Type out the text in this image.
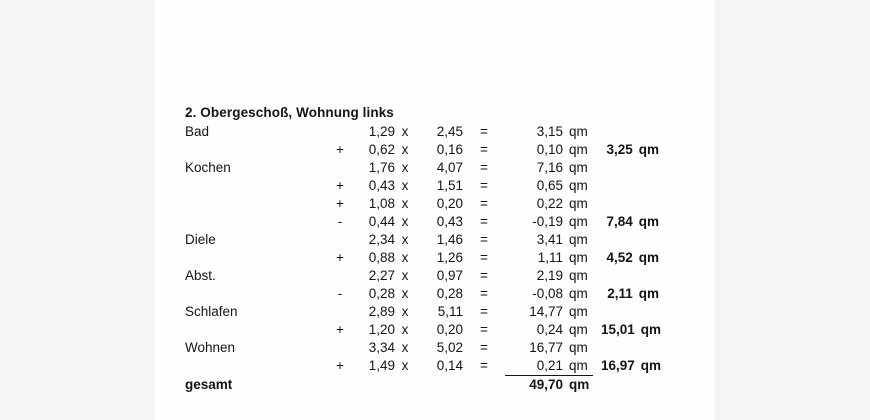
2. Obergeschoß, Wohnung links
Bad	1,29 x	2,45	=	3,15 qm
+	0,62 x	0,16	=	0,10 qm	3,25 qm
Kochen	1,76 x	4,07	=	7,16 qm
+	0,43 x	1,51	=	0,65 qm
+	1,08 x	0,20	=	0,22 qm
-	0,44 x	0,43	=	-0,19 qm	7,84 qm
Diele	2,34 x	1,46	=	3,41 qm
+	0,88 x	1,26	=	1,11 qm	4,52 qm
Abst.	2,27 x	0,97	=	2,19 qm
-	0,28 x	0,28	=	-0,08 qm	2,11 qm
Schlafen	2,89 x	5,11	=	14,77 qm
+	1,20 x	0,20	=	0,24 qm 15,01 qm
Wohnen	3,34 x	5,02	=	16,77 qm
+	1,49 x	0,14	=	0,21 qm 16,97 qm
gesamt	49,70 qm
